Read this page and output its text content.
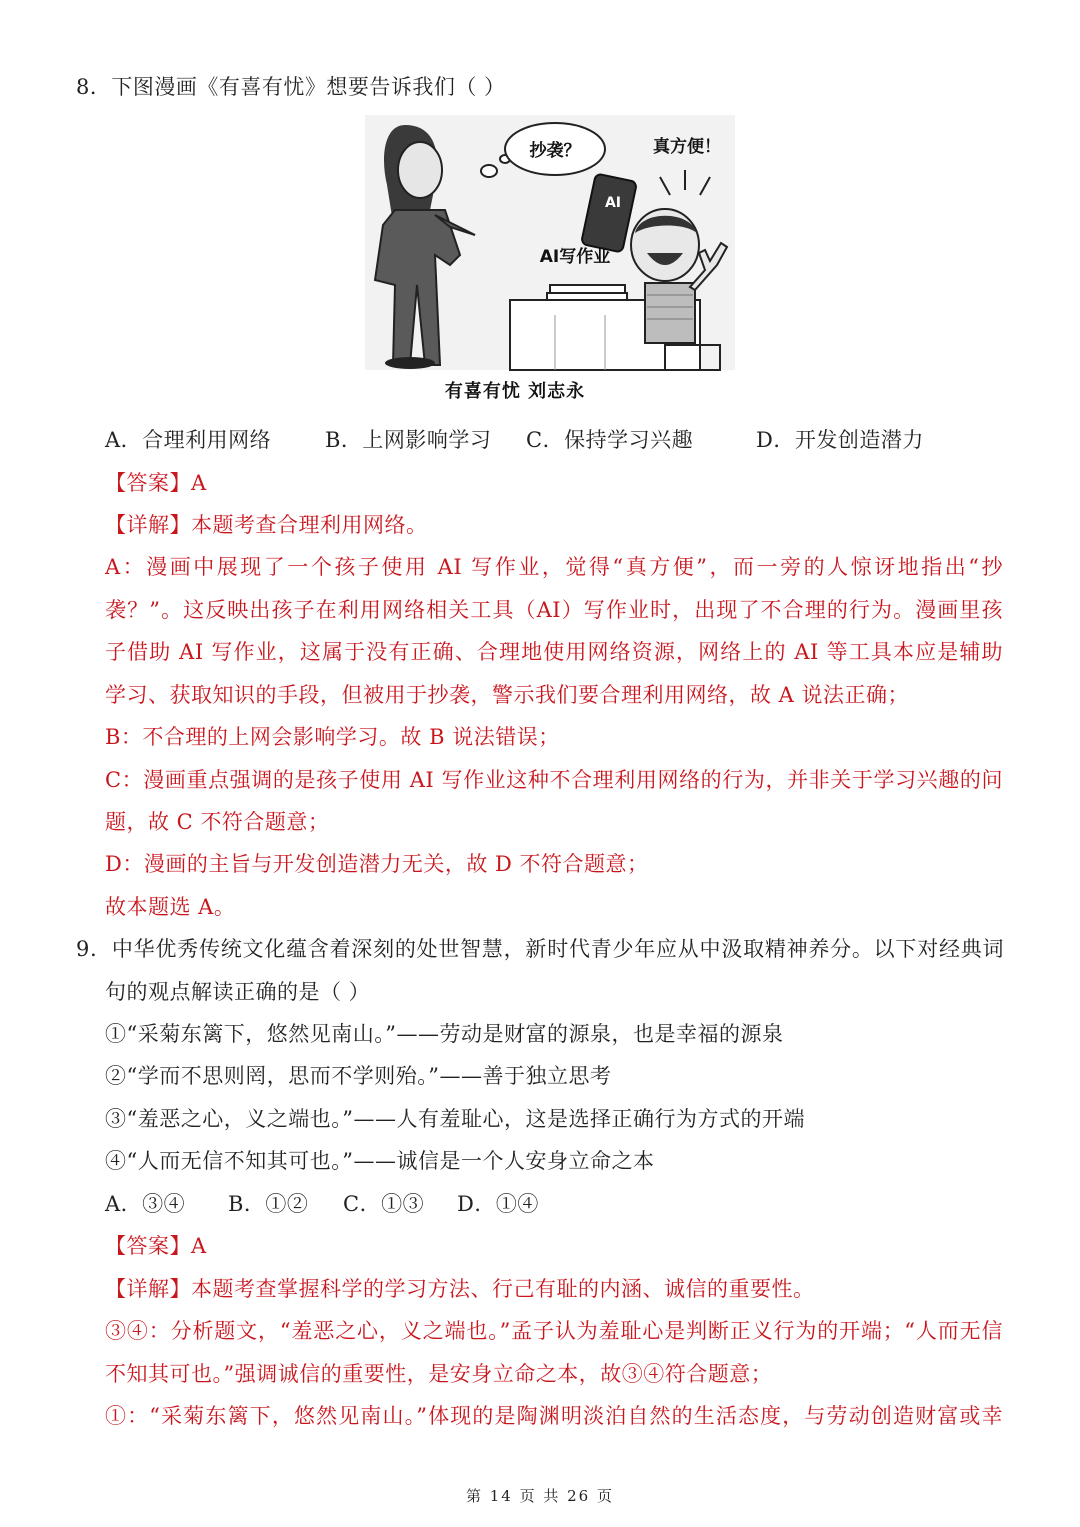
8．下图漫画《有喜有忧》想要告诉我们（ ）
抄袭？	真方便！
AI
AI写作业
有喜有忧 刘志永
A．合理利用网络	B．上网影响学习 C．保持学习兴趣	D．开发创造潜力
【答案】A
【详解】本题考查合理利用网络。
A：漫画中展现了一个孩子使用 AI 写作业，觉得“真方便”，而一旁的人惊讶地指出“抄
袭？”。这反映出孩子在利用网络相关工具（AI）写作业时，出现了不合理的行为。漫画里孩
子借助 AI 写作业，这属于没有正确、合理地使用网络资源，网络上的 AI 等工具本应是辅助
学习、获取知识的手段，但被用于抄袭，警示我们要合理利用网络，故 A 说法正确；
B：不合理的上网会影响学习。故 B 说法错误；
C：漫画重点强调的是孩子使用 AI 写作业这种不合理利用网络的行为，并非关于学习兴趣的问
题，故 C 不符合题意；
D：漫画的主旨与开发创造潜力无关，故 D 不符合题意；
故本题选 A。
9．中华优秀传统文化蕴含着深刻的处世智慧，新时代青少年应从中汲取精神养分。以下对经典词
句的观点解读正确的是（ ）
①“采菊东篱下，悠然见南山。”——劳动是财富的源泉，也是幸福的源泉
②“学而不思则罔，思而不学则殆。”——善于独立思考
③“羞恶之心，义之端也。”——人有羞耻心，这是选择正确行为方式的开端
④“人而无信不知其可也。”——诚信是一个人安身立命之本
A．③④ B．①② C．①③ D．①④
【答案】A
【详解】本题考查掌握科学的学习方法、行己有耻的内涵、诚信的重要性。
③④：分析题文，“羞恶之心，义之端也。”孟子认为羞耻心是判断正义行为的开端；“人而无信
不知其可也。”强调诚信的重要性，是安身立命之本，故③④符合题意；
①：“采菊东篱下，悠然见南山。”体现的是陶渊明淡泊自然的生活态度，与劳动创造财富或幸
第 14 页 共 26 页
